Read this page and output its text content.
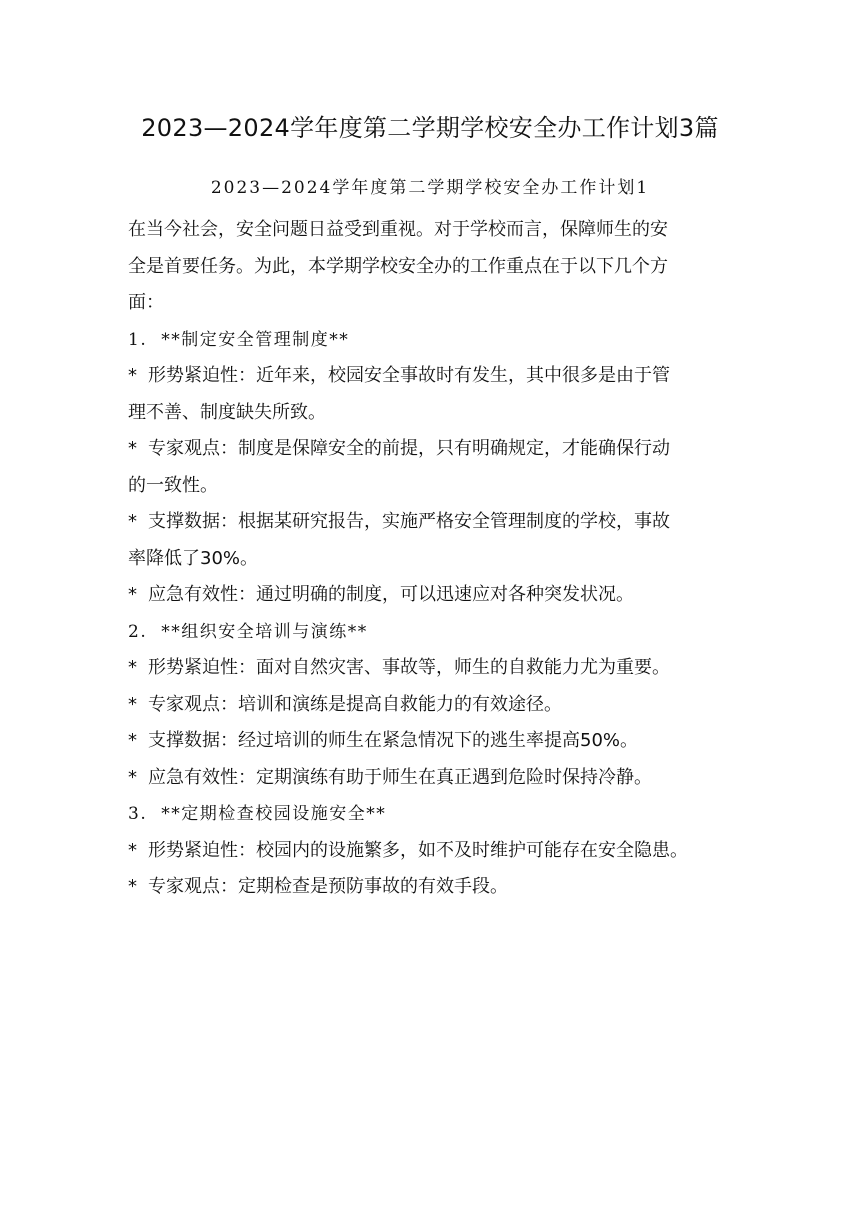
2023—2024学年度第二学期学校安全办工作计划3篇
2023—2024学年度第二学期学校安全办工作计划1

在当今社会，安全问题日益受到重视。对于学校而言，保障师生的安
全是首要任务。为此，本学期学校安全办的工作重点在于以下几个方
面：

1. **制定安全管理制度**

* 形势紧迫性：近年来，校园安全事故时有发生，其中很多是由于管
理不善、制度缺失所致。

* 专家观点：制度是保障安全的前提，只有明确规定，才能确保行动
的一致性。

* 支撑数据：根据某研究报告，实施严格安全管理制度的学校，事故
率降低了30%。

* 应急有效性：通过明确的制度，可以迅速应对各种突发状况。

2. **组织安全培训与演练**

* 形势紧迫性：面对自然灾害、事故等，师生的自救能力尤为重要。

* 专家观点：培训和演练是提高自救能力的有效途径。

* 支撑数据：经过培训的师生在紧急情况下的逃生率提高50%。

* 应急有效性：定期演练有助于师生在真正遇到危险时保持冷静。

3. **定期检查校园设施安全**

* 形势紧迫性：校园内的设施繁多，如不及时维护可能存在安全隐患。

* 专家观点：定期检查是预防事故的有效手段。
